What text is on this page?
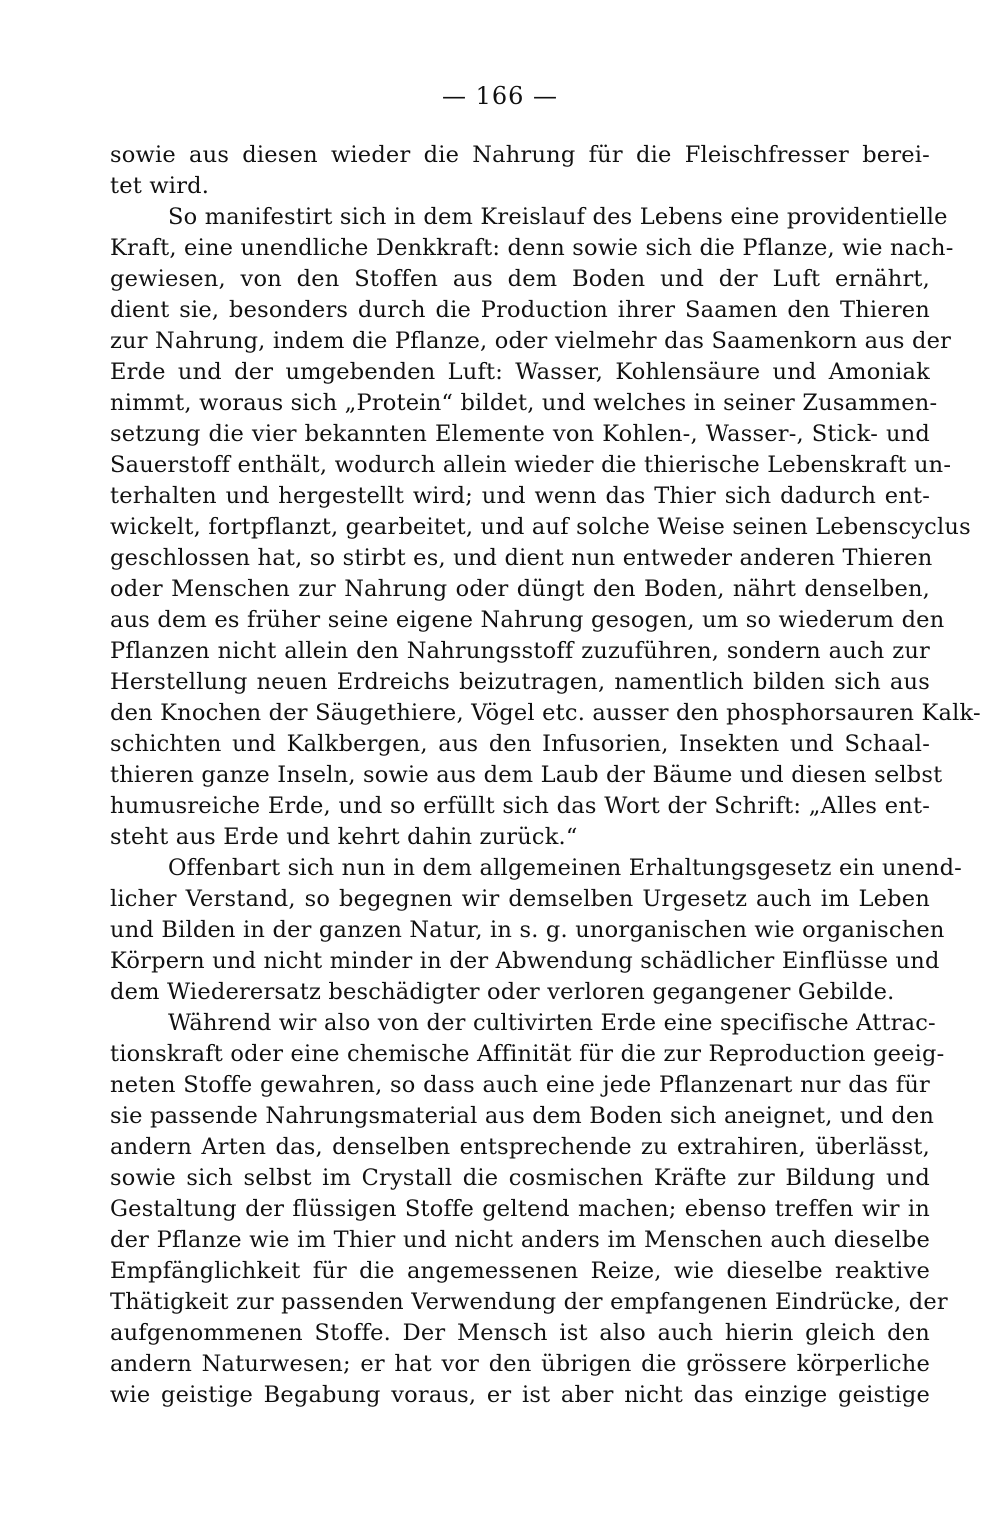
— 166 —
sowie aus diesen wieder die Nahrung für die Fleischfresser berei-
tet wird.
So manifestirt sich in dem Kreislauf des Lebens eine providentielle
Kraft, eine unendliche Denkkraft: denn sowie sich die Pflanze, wie nach-
gewiesen, von den Stoffen aus dem Boden und der Luft ernährt,
dient sie, besonders durch die Production ihrer Saamen den Thieren
zur Nahrung, indem die Pflanze, oder vielmehr das Saamenkorn aus der
Erde und der umgebenden Luft: Wasser, Kohlensäure und Amoniak
nimmt, woraus sich „Protein“ bildet, und welches in seiner Zusammen-
setzung die vier bekannten Elemente von Kohlen-, Wasser-, Stick- und
Sauerstoff enthält, wodurch allein wieder die thierische Lebenskraft un-
terhalten und hergestellt wird; und wenn das Thier sich dadurch ent-
wickelt, fortpflanzt, gearbeitet, und auf solche Weise seinen Lebenscyclus
geschlossen hat, so stirbt es, und dient nun entweder anderen Thieren
oder Menschen zur Nahrung oder düngt den Boden, nährt denselben,
aus dem es früher seine eigene Nahrung gesogen, um so wiederum den
Pflanzen nicht allein den Nahrungsstoff zuzuführen, sondern auch zur
Herstellung neuen Erdreichs beizutragen, namentlich bilden sich aus
den Knochen der Säugethiere, Vögel etc. ausser den phosphorsauren Kalk-
schichten und Kalkbergen, aus den Infusorien, Insekten und Schaal-
thieren ganze Inseln, sowie aus dem Laub der Bäume und diesen selbst
humusreiche Erde, und so erfüllt sich das Wort der Schrift: „Alles ent-
steht aus Erde und kehrt dahin zurück.“
Offenbart sich nun in dem allgemeinen Erhaltungsgesetz ein unend-
licher Verstand, so begegnen wir demselben Urgesetz auch im Leben
und Bilden in der ganzen Natur, in s. g. unorganischen wie organischen
Körpern und nicht minder in der Abwendung schädlicher Einflüsse und
dem Wiederersatz beschädigter oder verloren gegangener Gebilde.
Während wir also von der cultivirten Erde eine specifische Attrac-
tionskraft oder eine chemische Affinität für die zur Reproduction geeig-
neten Stoffe gewahren, so dass auch eine jede Pflanzenart nur das für
sie passende Nahrungsmaterial aus dem Boden sich aneignet, und den
andern Arten das, denselben entsprechende zu extrahiren, überlässt,
sowie sich selbst im Crystall die cosmischen Kräfte zur Bildung und
Gestaltung der flüssigen Stoffe geltend machen; ebenso treffen wir in
der Pflanze wie im Thier und nicht anders im Menschen auch dieselbe
Empfänglichkeit für die angemessenen Reize, wie dieselbe reaktive
Thätigkeit zur passenden Verwendung der empfangenen Eindrücke, der
aufgenommenen Stoffe. Der Mensch ist also auch hierin gleich den
andern Naturwesen; er hat vor den übrigen die grössere körperliche
wie geistige Begabung voraus, er ist aber nicht das einzige geistige
